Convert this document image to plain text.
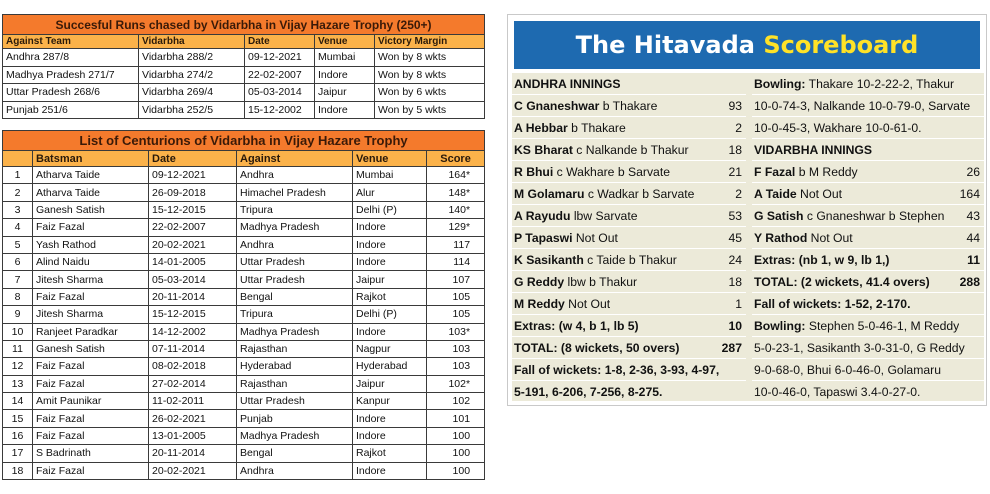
Succesful Runs chased by Vidarbha in Vijay Hazare Trophy (250+)				
Against Team	Vidarbha	Date	Venue	Victory Margin
Andhra 287/8	Vidarbha 288/2	09-12-2021	Mumbai	Won by 8 wkts
Madhya Pradesh 271/7	Vidarbha 274/2	22-02-2007	Indore	Won by 8 wkts
Uttar Pradesh 268/6	Vidarbha 269/4	05-03-2014	Jaipur	Won by 6 wkts
Punjab 251/6	Vidarbha 252/5	15-12-2002	Indore	Won by 5 wkts
List of Centurions of Vidarbha in Vijay Hazare Trophy					
	Batsman	Date	Against	Venue	Score
1	Atharva Taide	09-12-2021	Andhra	Mumbai	164*
2	Atharva Taide	26-09-2018	Himachel Pradesh	Alur	148*
3	Ganesh Satish	15-12-2015	Tripura	Delhi (P)	140*
4	Faiz Fazal	22-02-2007	Madhya Pradesh	Indore	129*
5	Yash Rathod	20-02-2021	Andhra	Indore	117
6	Alind Naidu	14-01-2005	Uttar Pradesh	Indore	114
7	Jitesh Sharma	05-03-2014	Uttar Pradesh	Jaipur	107
8	Faiz Fazal	20-11-2014	Bengal	Rajkot	105
9	Jitesh Sharma	15-12-2015	Tripura	Delhi (P)	105
10	Ranjeet Paradkar	14-12-2002	Madhya Pradesh	Indore	103*
11	Ganesh Satish	07-11-2014	Rajasthan	Nagpur	103
12	Faiz Fazal	08-02-2018	Hyderabad	Hyderabad	103
13	Faiz Fazal	27-02-2014	Rajasthan	Jaipur	102*
14	Amit Paunikar	11-02-2011	Uttar Pradesh	Kanpur	102
15	Faiz Fazal	26-02-2021	Punjab	Indore	101
16	Faiz Fazal	13-01-2005	Madhya Pradesh	Indore	100
17	S Badrinath	20-11-2014	Bengal	Rajkot	100
18	Faiz Fazal	20-02-2021	Andhra	Indore	100
The Hitavada Scoreboard
ANDHRA INNINGS
C Gnaneshwar b Thakare	93
A Hebbar b Thakare	2
KS Bharat c Nalkande b Thakur	18
R Bhui c Wakhare b Sarvate	21
M Golamaru c Wadkar b Sarvate	2
A Rayudu lbw Sarvate	53
P Tapaswi Not Out	45
K Sasikanth c Taide b Thakur	24
G Reddy lbw b Thakur	18
M Reddy Not Out	1
Extras: (w 4, b 1, lb 5)	10
TOTAL: (8 wickets, 50 overs)	287
Fall of wickets: 1-8, 2-36, 3-93, 4-97,
5-191, 6-206, 7-256, 8-275.
Bowling: Thakare 10-2-22-2, Thakur
10-0-74-3, Nalkande 10-0-79-0, Sarvate
10-0-45-3, Wakhare 10-0-61-0.
VIDARBHA INNINGS
F Fazal b M Reddy	26
A Taide Not Out	164
G Satish c Gnaneshwar b Stephen	43
Y Rathod Not Out	44
Extras: (nb 1, w 9, lb 1,)	11
TOTAL: (2 wickets, 41.4 overs)	288
Fall of wickets: 1-52, 2-170.
Bowling: Stephen 5-0-46-1, M Reddy
5-0-23-1, Sasikanth 3-0-31-0, G Reddy
9-0-68-0, Bhui 6-0-46-0, Golamaru
10-0-46-0, Tapaswi 3.4-0-27-0.
